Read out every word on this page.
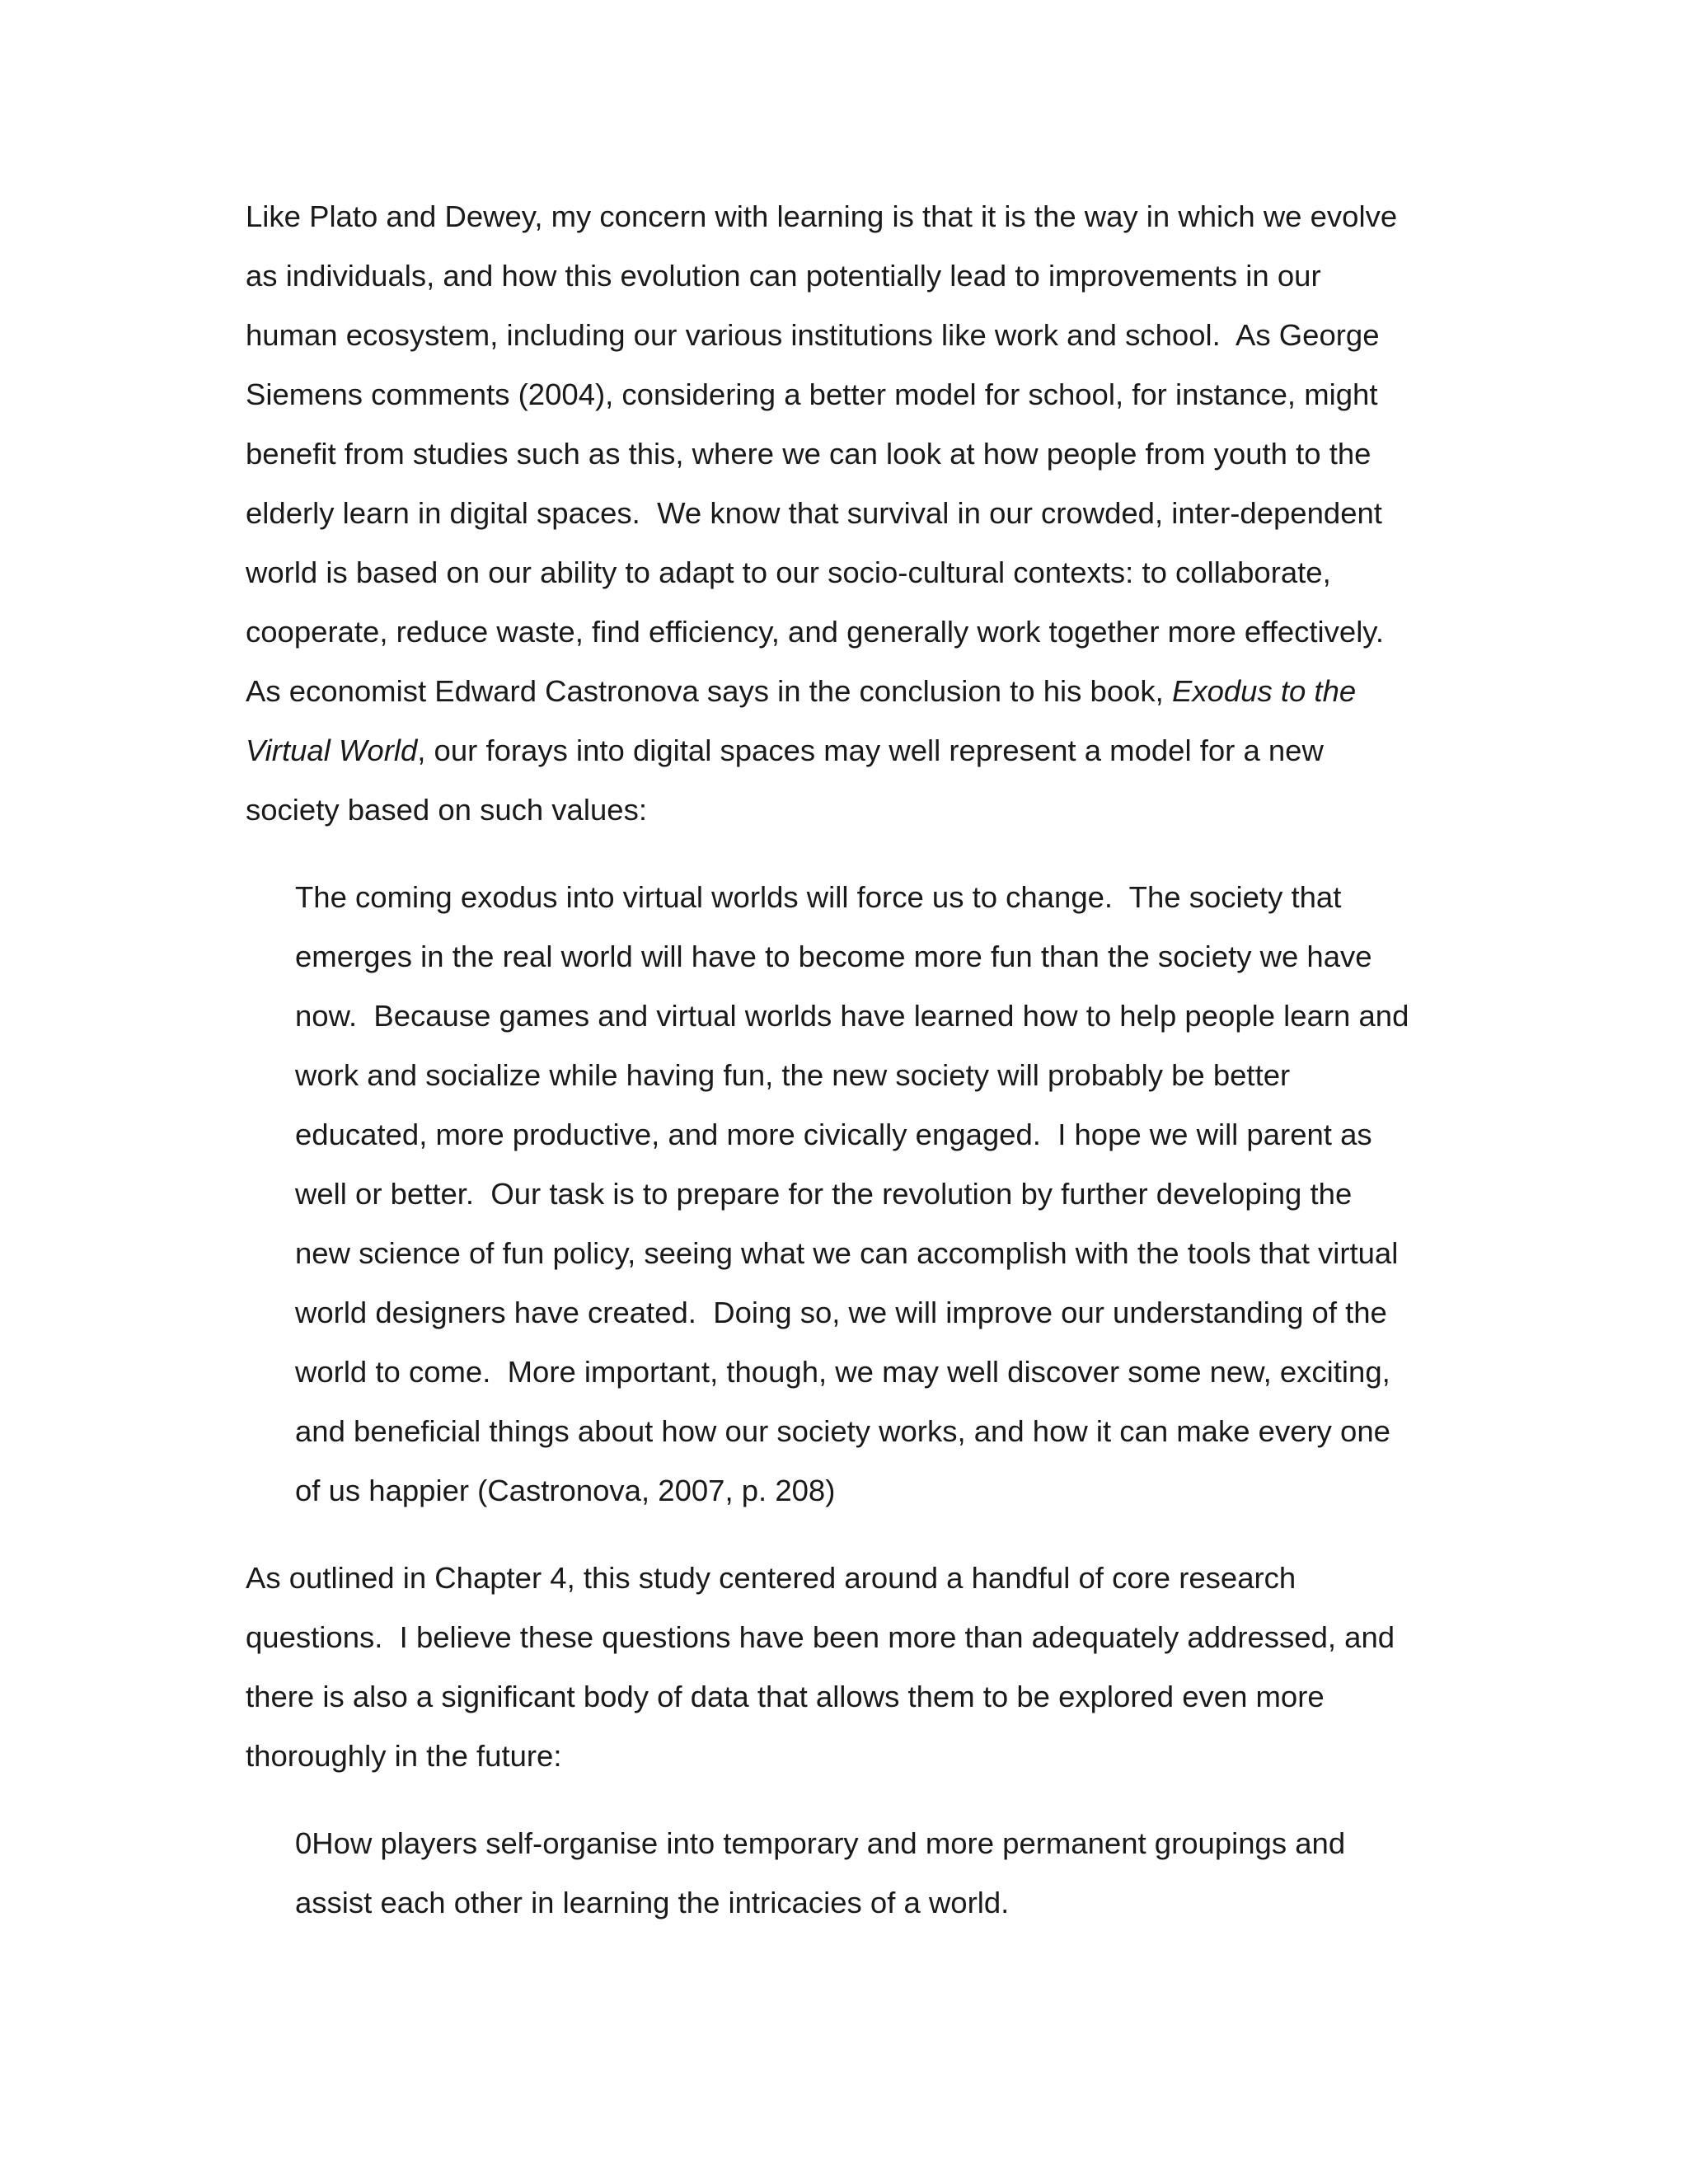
Like Plato and Dewey, my concern with learning is that it is the way in which we evolve

as individuals, and how this evolution can potentially lead to improvements in our

human ecosystem, including our various institutions like work and school.  As George

Siemens comments (2004), considering a better model for school, for instance, might

benefit from studies such as this, where we can look at how people from youth to the

elderly learn in digital spaces.  We know that survival in our crowded, inter-dependent

world is based on our ability to adapt to our socio-cultural contexts: to collaborate,

cooperate, reduce waste, find efficiency, and generally work together more effectively.

As economist Edward Castronova says in the conclusion to his book, Exodus to the

Virtual World, our forays into digital spaces may well represent a model for a new

society based on such values:

The coming exodus into virtual worlds will force us to change.  The society that

emerges in the real world will have to become more fun than the society we have

now.  Because games and virtual worlds have learned how to help people learn and

work and socialize while having fun, the new society will probably be better

educated, more productive, and more civically engaged.  I hope we will parent as

well or better.  Our task is to prepare for the revolution by further developing the

new science of fun policy, seeing what we can accomplish with the tools that virtual

world designers have created.  Doing so, we will improve our understanding of the

world to come.  More important, though, we may well discover some new, exciting,

and beneficial things about how our society works, and how it can make every one

of us happier (Castronova, 2007, p. 208)

As outlined in Chapter 4, this study centered around a handful of core research

questions.  I believe these questions have been more than adequately addressed, and

there is also a significant body of data that allows them to be explored even more

thoroughly in the future:

0How players self-organise into temporary and more permanent groupings and

assist each other in learning the intricacies of a world.
